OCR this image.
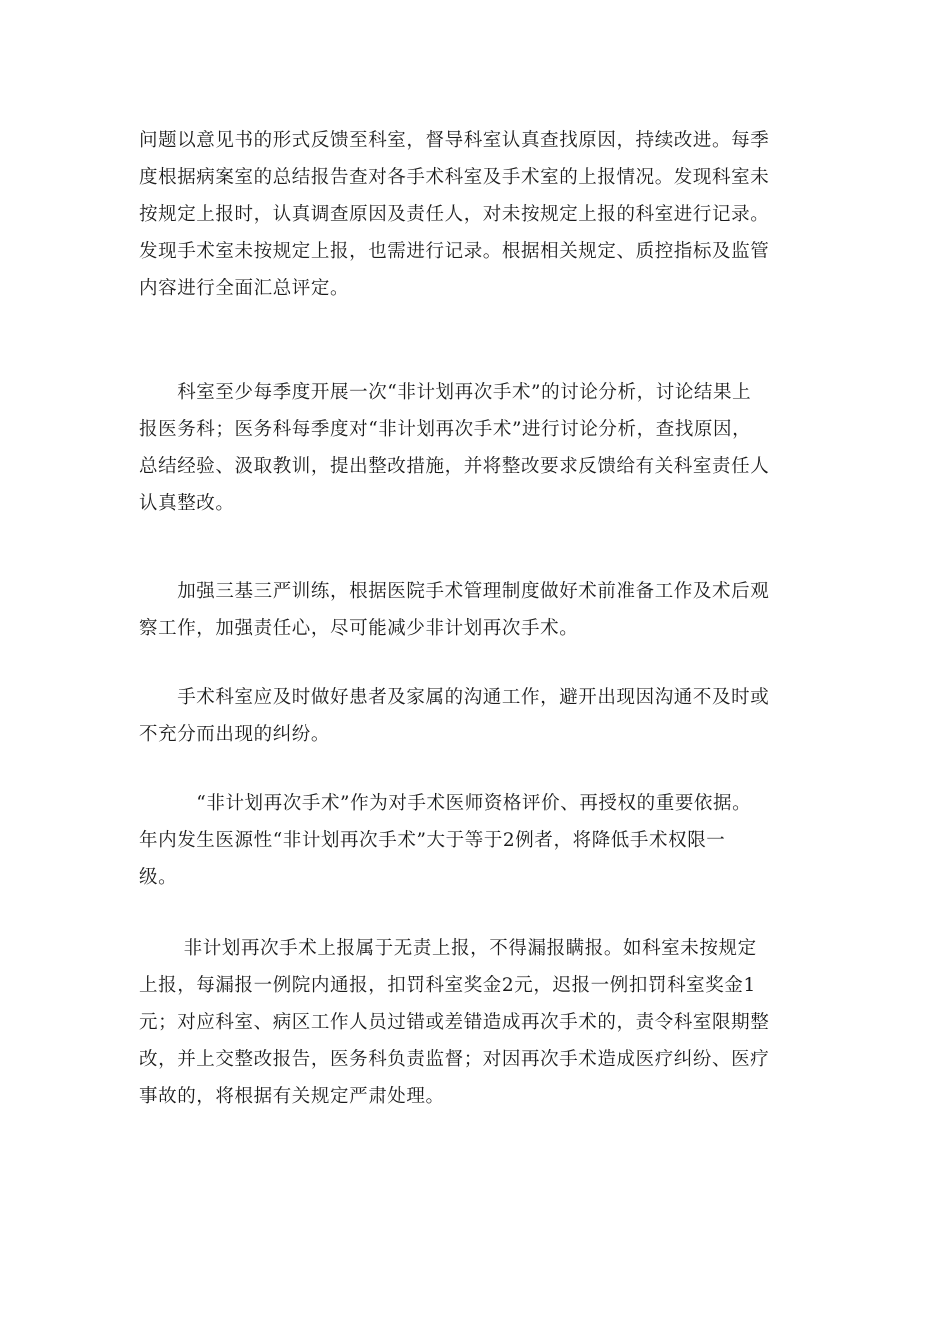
问题以意见书的形式反馈至科室，督导科室认真查找原因，持续改进。每季
度根据病案室的总结报告查对各手术科室及手术室的上报情况。发现科室未
按规定上报时，认真调查原因及责任人，对未按规定上报的科室进行记录。
发现手术室未按规定上报，也需进行记录。根据相关规定、质控指标及监管
内容进行全面汇总评定。
　　科室至少每季度开展一次“非计划再次手术”的讨论分析，讨论结果上
报医务科；医务科每季度对“非计划再次手术”进行讨论分析，查找原因，
总结经验、汲取教训，提出整改措施，并将整改要求反馈给有关科室责任人
认真整改。
　　加强三基三严训练，根据医院手术管理制度做好术前准备工作及术后观
察工作，加强责任心，尽可能减少非计划再次手术。
　　手术科室应及时做好患者及家属的沟通工作，避开出现因沟通不及时或
不充分而出现的纠纷。
　　　“非计划再次手术”作为对手术医师资格评价、再授权的重要依据。
年内发生医源性“非计划再次手术”大于等于2例者，将降低手术权限一
级。
　　 非计划再次手术上报属于无责上报，不得漏报瞒报。如科室未按规定
上报，每漏报一例院内通报，扣罚科室奖金2元，迟报一例扣罚科室奖金1
元；对应科室、病区工作人员过错或差错造成再次手术的，责令科室限期整
改，并上交整改报告，医务科负责监督；对因再次手术造成医疗纠纷、医疗
事故的，将根据有关规定严肃处理。
